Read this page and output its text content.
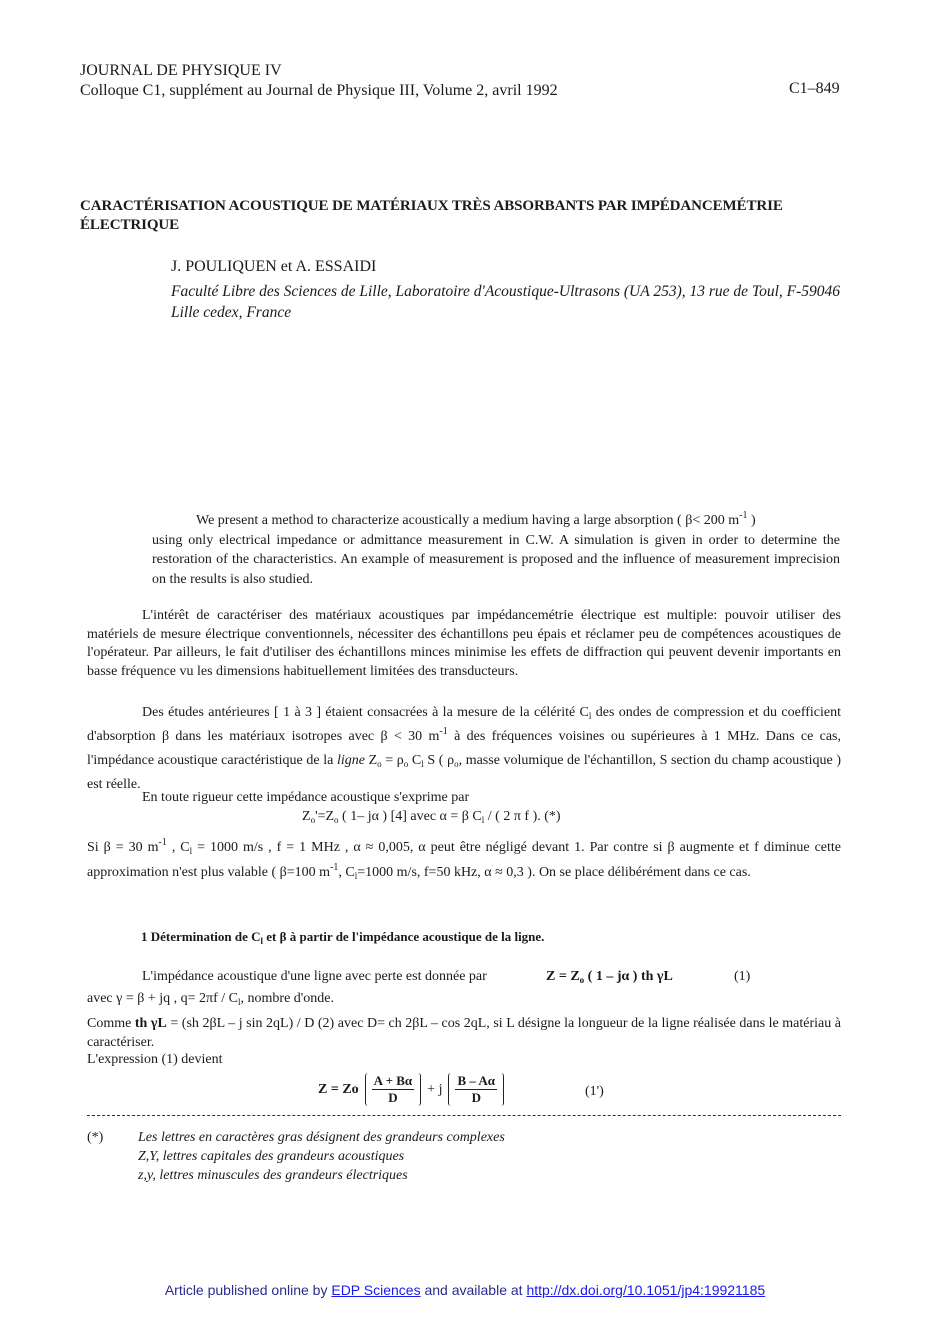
JOURNAL DE PHYSIQUE IV
Colloque C1, supplément au Journal de Physique III, Volume 2, avril 1992	C1–849
CARACTÉRISATION ACOUSTIQUE DE MATÉRIAUX TRÈS ABSORBANTS PAR IMPÉDANCEMÉTRIE ÉLECTRIQUE
J. POULIQUEN et A. ESSAIDI
Faculté Libre des Sciences de Lille, Laboratoire d'Acoustique-Ultrasons (UA 253), 13 rue de Toul, F-59046 Lille cedex, France
We present a method to characterize acoustically a medium having a large absorption ( β< 200 $m^{-1}$ )
using only electrical impedance or admittance measurement in C.W. A simulation is given in order to determine the restoration of the characteristics. An example of measurement is proposed and the influence of measurement imprecision on the results is also studied.
L'intérêt de caractériser des matériaux acoustiques par impédancemétrie électrique est multiple: pouvoir utiliser des matériels de mesure électrique conventionnels, nécessiter des échantillons peu épais et réclamer peu de compétences acoustiques de l'opérateur. Par ailleurs, le fait d'utiliser des échantillons minces minimise les effets de diffraction qui peuvent devenir importants en basse fréquence vu les dimensions habituellement limitées des transducteurs.
Des études antérieures [ 1 à 3 ] étaient consacrées à la mesure de la célérité $C_l$ des ondes de compression et du coefficient d'absorption β dans les matériaux isotropes avec β < 30 $m^{-1}$ à des fréquences voisines ou supérieures à 1 MHz. Dans ce cas, l'impédance acoustique caractéristique de la ligne $Z_o = \rho_o$ $C_l$ S ( $\rho_o$, masse volumique de l'échantillon, S section du champ acoustique ) est réelle.
En toute rigueur cette impédance acoustique s'exprime par
$Z_o'=Z_o$ ( 1– jα ) [4] avec α = β $C_l$ / ( 2 π f ). (*)
Si β = 30 $m^{-1}$ , $C_l = 1000$ m/s , f = 1 MHz , α ≈ 0,005, α peut être négligé devant 1. Par contre si β augmente et f diminue cette approximation n'est plus valable ( β=100 $m^{-1}$, $C_l=1000$ m/s, f=50 kHz, α ≈ 0,3 ). On se place délibérément dans ce cas.
1 Détermination de $C_l$ et β à partir de l'impédance acoustique de la ligne.
L'impédance acoustique d'une ligne avec perte est donnée par	$Z = Z_o$ ( 1 – jα ) th γL	(1)
avec γ = β + jq , $q= 2\pi f / C_l$, nombre d'onde.
Comme th γL = (sh 2βL – j sin 2qL) / D (2) avec D= ch 2βL – cos 2qL, si L désigne la longueur de la ligne réalisée dans le matériau à caractériser.
L'expression (1) devient
Z = Zo $\frac{A + B\alpha}{D} + j \frac{B - A\alpha}{D}$	(1')
(*) Les lettres en caractères gras désignent des grandeurs complexes
Z,Y, lettres capitales des grandeurs acoustiques
z,y, lettres minuscules des grandeurs électriques
Article published online by EDP Sciences and available at http://dx.doi.org/10.1051/jp4:19921185
